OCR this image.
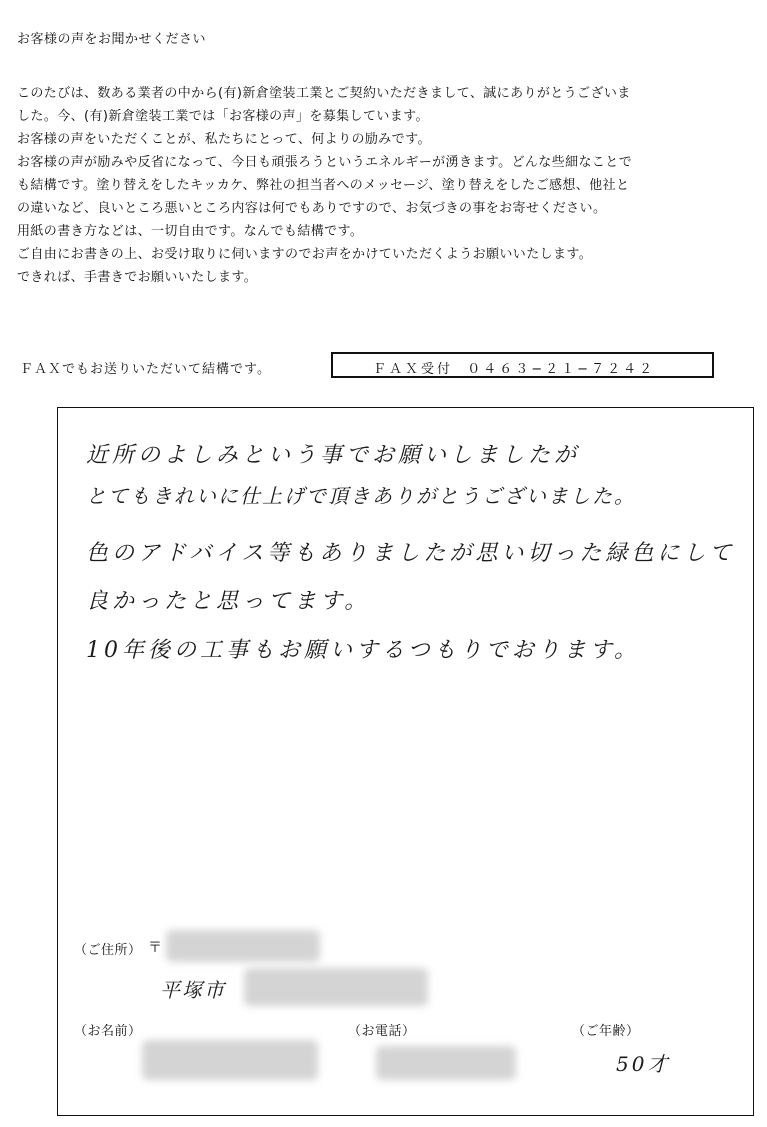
お客様の声をお聞かせください
このたびは、数ある業者の中から(有)新倉塗装工業とご契約いただきまして、誠にありがとうございま
した。今、(有)新倉塗装工業では「お客様の声」を募集しています。
お客様の声をいただくことが、私たちにとって、何よりの励みです。
お客様の声が励みや反省になって、今日も頑張ろうというエネルギーが湧きます。どんな些細なことで
も結構です。塗り替えをしたキッカケ、弊社の担当者へのメッセージ、塗り替えをしたご感想、他社と
の違いなど、良いところ悪いところ内容は何でもありですので、お気づきの事をお寄せください。
用紙の書き方などは、一切自由です。なんでも結構です。
ご自由にお書きの上、お受け取りに伺いますのでお声をかけていただくようお願いいたします。
できれば、手書きでお願いいたします。
ＦＡＸでもお送りいただいて結構です。	ＦＡＸ受付 ０４６３−２１−７２４２
近所のよしみという事でお願いしましたが
とてもきれいに仕上げで頂きありがとうございました。
色のアドバイス等もありましたが思い切った緑色にして
良かったと思ってます。
10年後の工事もお願いするつもりでおります。
（ご住所） 〒
平塚市
（お名前）	（お電話）	（ご年齢）
50才
